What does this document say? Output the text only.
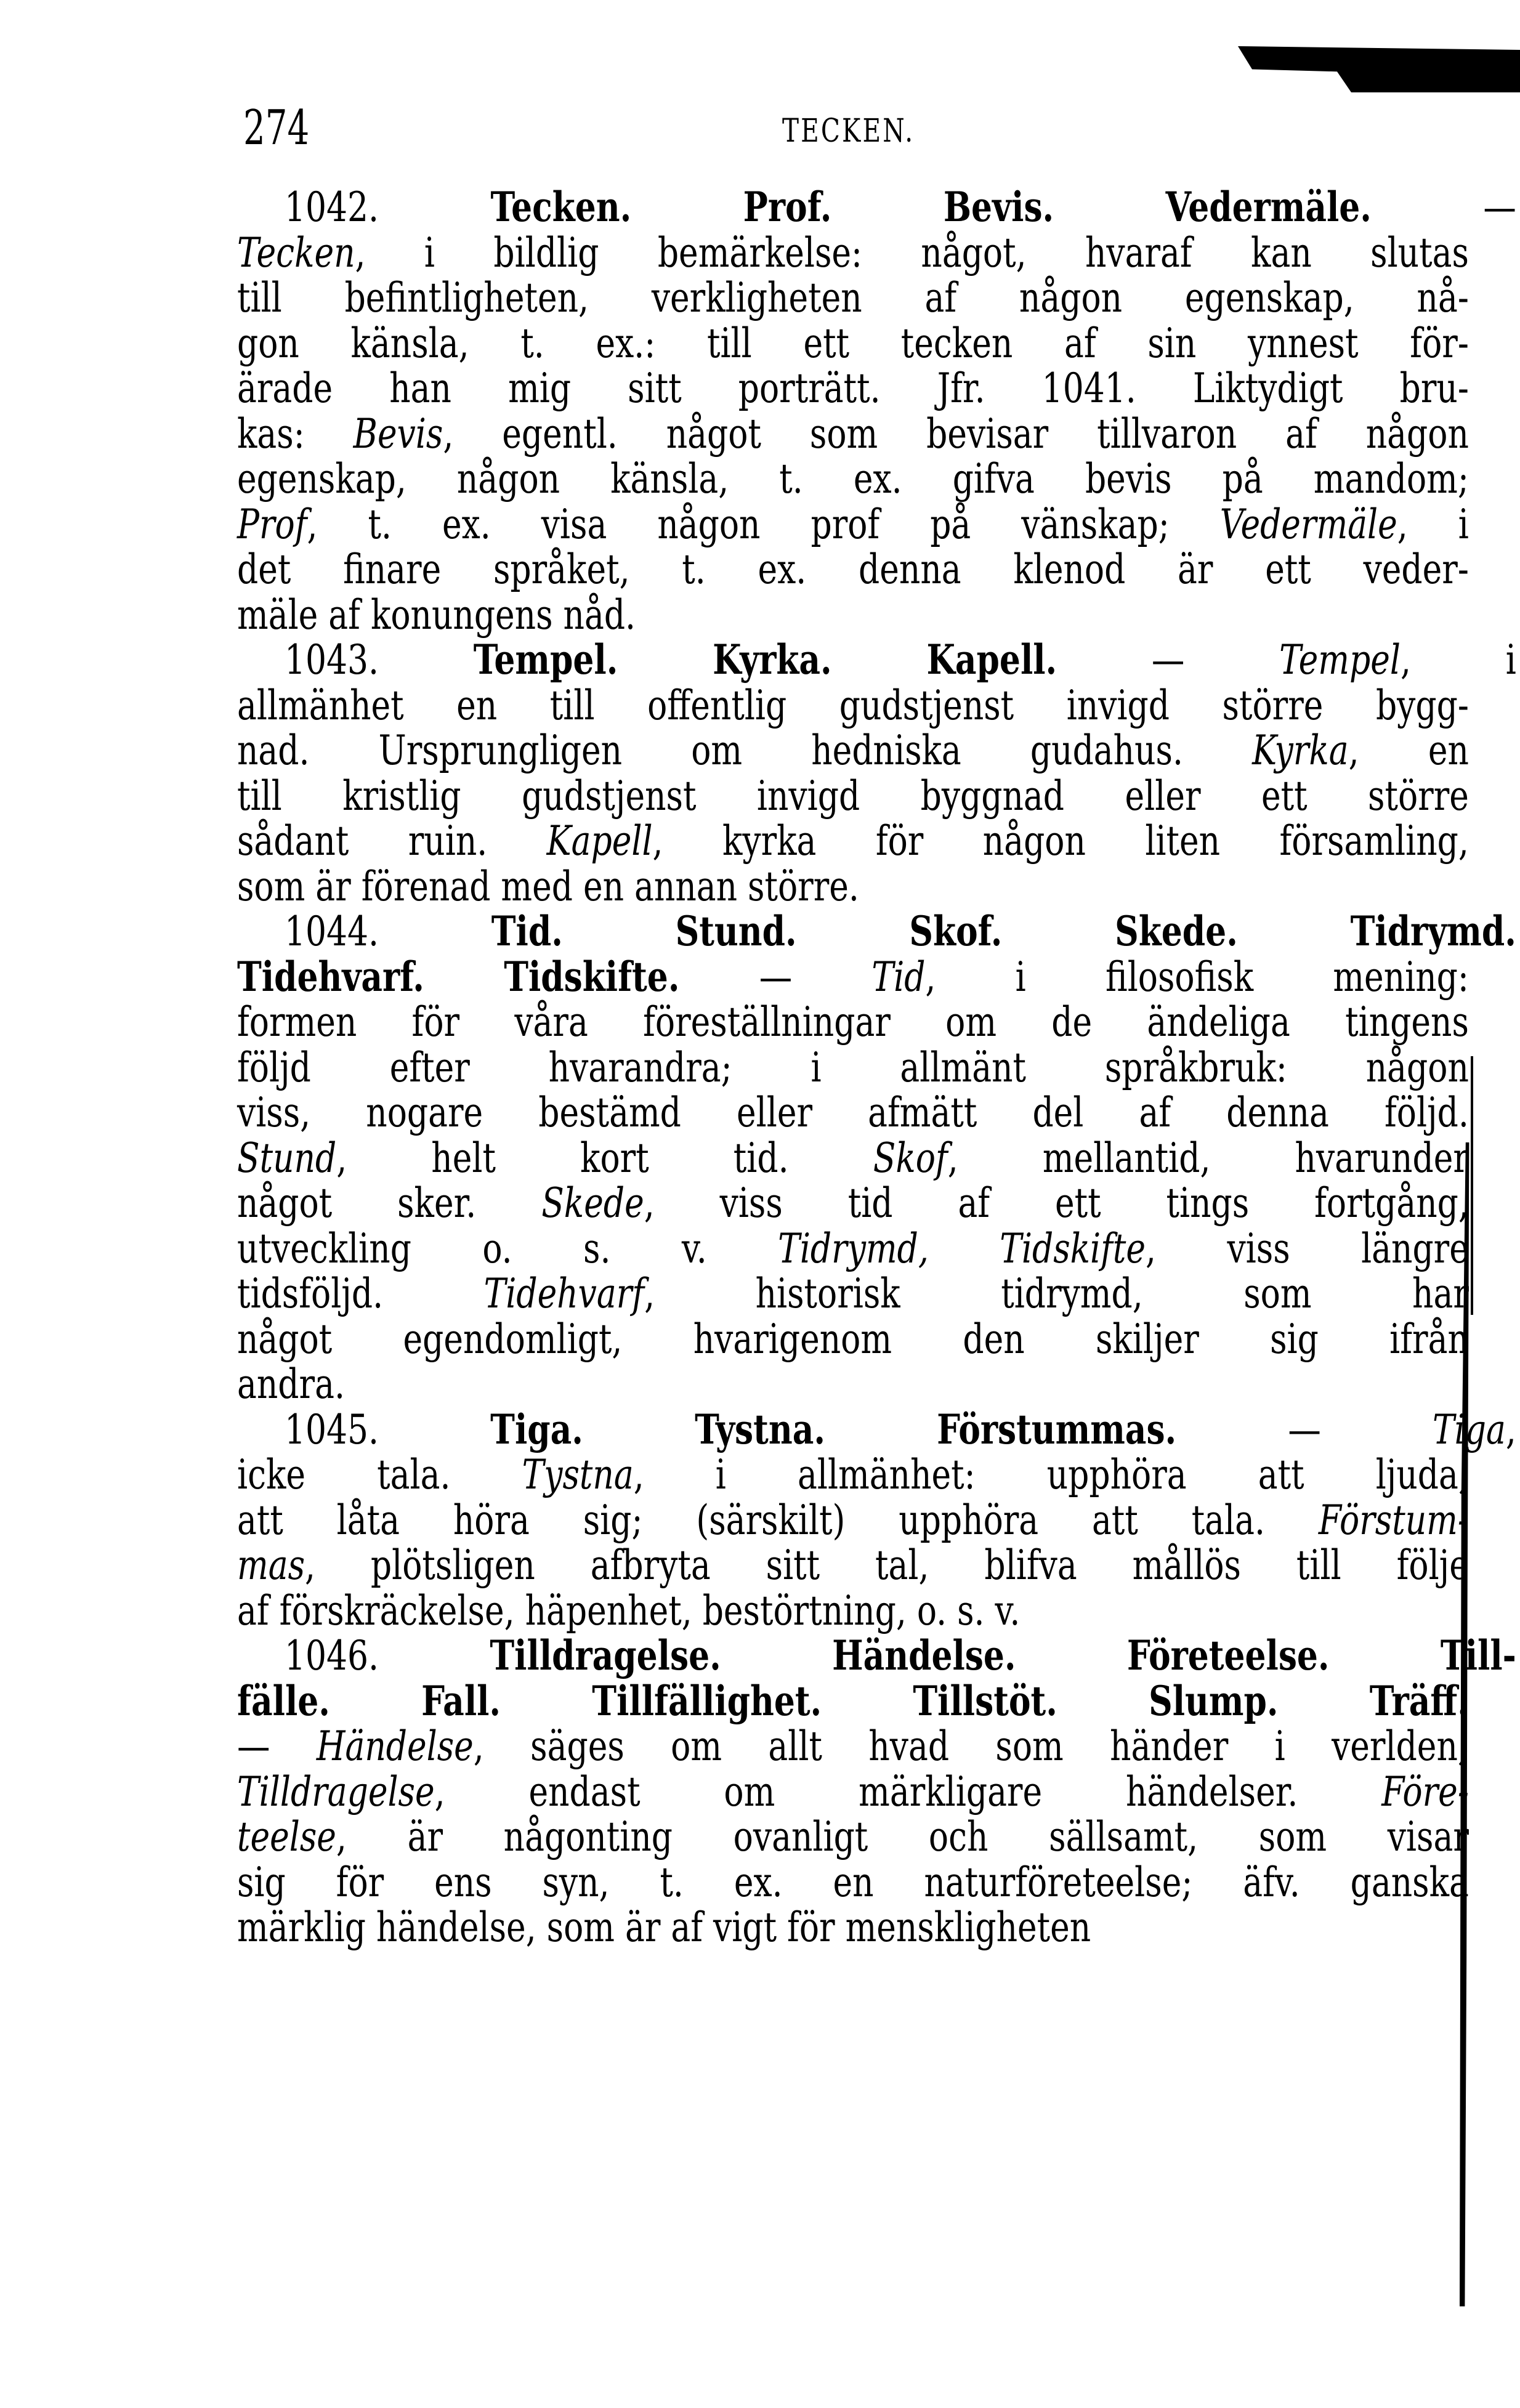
274	TECKEN.
1042. Tecken.	Prof.	Bevis.	Vedermäle. —
Tecken, i bildlig bemärkelse: något, hvaraf kan slutas
till befintligheten, verkligheten af någon egenskap, nå-
gon känsla, t. ex.: till ett tecken af sin ynnest för-
ärade han mig sitt porträtt. Jfr. 1041. Liktydigt bru-
kas: Bevis, egentl. något som bevisar tillvaron af någon
egenskap, någon känsla, t. ex. gifva bevis på mandom;
Prof, t. ex. visa någon prof på vänskap; Vedermäle, i
det finare språket, t. ex. denna klenod är ett veder-
mäle af konungens nåd.
1043. Tempel. Kyrka. Kapell. — Tempel, i
allmänhet en till offentlig gudstjenst invigd större bygg-
nad. Ursprungligen om hedniska gudahus. Kyrka, en
till kristlig gudstjenst invigd byggnad eller ett större
sådant ruin. Kapell, kyrka för någon liten församling,
som är förenad med en annan större.
1044. Tid.	Stund.	Skof.	Skede.	Tidrymd.
Tidehvarf. Tidskifte. — Tid, i filosofisk mening:
formen för våra föreställningar om de ändeliga tingens
följd efter hvarandra; i allmänt språkbruk: någon
viss, nogare bestämd eller afmätt del af denna följd.
Stund, helt kort tid. Skof, mellantid, hvarunder
något sker. Skede, viss tid af ett tings fortgång,
utveckling o. s. v. Tidrymd, Tidskifte, viss längre
tidsföljd. Tidehvarf, historisk tidrymd, som har
något egendomligt, hvarigenom den skiljer sig ifrån
andra.
1045. Tiga.	Tystna.	Förstummas. — Tiga,
icke tala. Tystna, i allmänhet: upphöra att ljuda,
att låta höra sig; (särskilt) upphöra att tala. Förstum-
mas, plötsligen afbryta sitt tal, blifva mållös till följe
af förskräckelse, häpenhet, bestörtning, o. s. v.
1046. Tilldragelse.	Händelse.	Företeelse.	Till-
fälle. Fall. Tillfällighet. Tillstöt. Slump. Träff.
— Händelse, säges om allt hvad som händer i verlden;
Tilldragelse, endast om märkligare händelser. Före-
teelse, är någonting ovanligt och sällsamt, som visar
sig för ens syn, t. ex. en naturföreteelse; äfv. ganska
märklig händelse, som är af vigt för menskligheten
